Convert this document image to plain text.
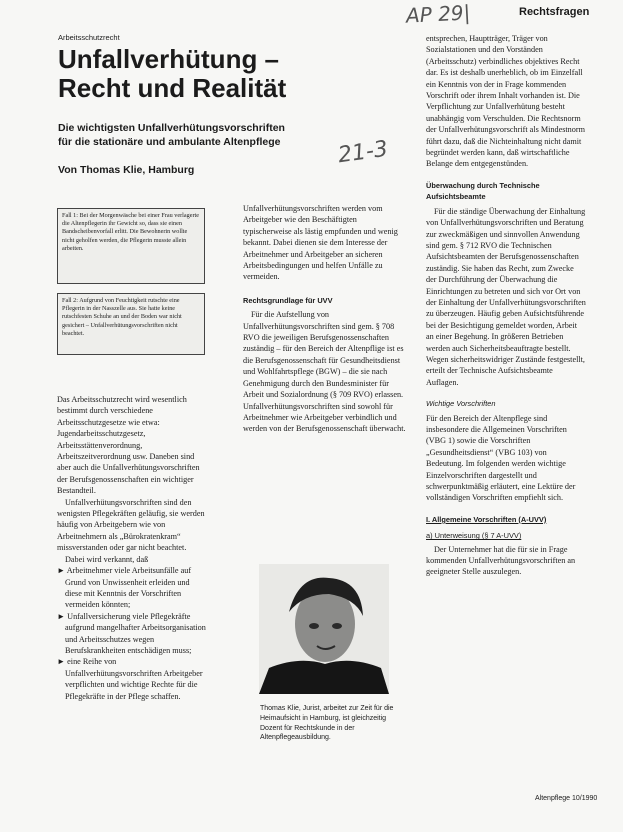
AP 29|
21-3
Rechtsfragen
Arbeitsschutzrecht
Unfallverhütung –
Recht und Realität
Die wichtigsten Unfallverhütungsvorschriften
für die stationäre und ambulante Altenpflege
Von Thomas Klie, Hamburg
Fall 1: Bei der Morgenwäsche bei einer Frau verlagerte die Altenpflegerin ihr Gewicht so, dass sie einen Bandscheibenvorfall erlitt. Die Bewohnerin wollte nicht geholfen werden, die Pflegerin musste allein arbeiten.
Fall 2: Aufgrund von Feuchtigkeit rutschte eine Pflegerin in der Nasszelle aus. Sie hatte keine rutschfesten Schuhe an und der Boden war nicht gesichert – Unfallverhütungsvorschriften nicht beachtet.

Das Arbeitsschutzrecht wird wesentlich bestimmt durch verschiedene Arbeitsschutzgesetze wie etwa: Jugendarbeitsschutzgesetz, Arbeitsstättenverordnung, Arbeitszeitverordnung usw. Daneben sind aber auch die Unfallverhütungsvorschriften der Berufsgenossenschaften ein wichtiger Bestandteil.

Unfallverhütungsvorschriften sind den wenigsten Pflegekräften geläufig, sie werden häufig von Arbeitgebern wie von Arbeitnehmern als „Bürokratenkram“ missverstanden oder gar nicht beachtet.

Dabei wird verkannt, daß

► Arbeitnehmer viele Arbeitsunfälle auf Grund von Unwissenheit erleiden und diese mit Kenntnis der Vorschriften vermeiden könnten;

► Unfallversicherung viele Pflegekräfte aufgrund mangelhafter Arbeitsorganisation und Arbeitsschutzes wegen Berufskrankheiten entschädigen muss;

► eine Reihe von Unfallverhütungsvorschriften Arbeitgeber verpflichten und wichtige Rechte für die Pflegekräfte in der Pflege schaffen.

Unfallverhütungsvorschriften werden vom Arbeitgeber wie den Beschäftigten typischerweise als lästig empfunden und wenig bekannt. Dabei dienen sie dem Interesse der Arbeitnehmer und Arbeitgeber an sicheren Arbeitsbedingungen und helfen Unfälle zu vermeiden.

Rechtsgrundlage für UVV

Für die Aufstellung von Unfallverhütungsvorschriften sind gem. § 708 RVO die jeweiligen Berufsgenossenschaften zuständig – für den Bereich der Altenpflige ist es die Berufsgenossenschaft für Gesundheitsdienst und Wohlfahrtspflege (BGW) – die sie nach Genehmigung durch den Bundesminister für Arbeit und Sozialordnung (§ 709 RVO) erlassen. Unfallverhütungsvorschriften sind sowohl für Arbeitnehmer wie Arbeitgeber verbindlich und werden von der Berufsgenossenschaft überwacht.

Thomas Klie, Jurist, arbeitet zur Zeit für die Heimaufsicht in Hamburg, ist gleichzeitig Dozent für Rechtskunde in der Altenpflegeausbildung.

entsprechen, Hauptträger, Träger von Sozialstationen und den Vorständen (Arbeitsschutz) verbindliches objektives Recht dar. Es ist deshalb unerheblich, ob im Einzelfall ein Kenntnis von der in Frage kommenden Vorschrift oder ihrem Inhalt vorhanden ist. Die Verpflichtung zur Unfallverhütung besteht unabhängig vom Verschulden. Die Rechtsnorm der Unfallverhütungsvorschrift als Mindestnorm führt dazu, daß die Nichteinhaltung nicht damit begründet werden kann, daß wirtschaftliche Belange dem entgegenstünden.

Überwachung durch Technische Aufsichtsbeamte

Für die ständige Überwachung der Einhaltung von Unfallverhütungsvorschriften und Beratung zur zweckmäßigen und sinnvollen Anwendung sind gem. § 712 RVO die Technischen Aufsichtsbeamten der Berufsgenossenschaften zuständig. Sie haben das Recht, zum Zwecke der Durchführung der Überwachung die Einrichtungen zu betreten und sich vor Ort von der Einhaltung der Unfallverhütungsvorschriften zu überzeugen. Häufig geben Aufsichtsführende bei der Besichtigung gemeldet worden, Arbeit an einer Begehung. In größeren Betrieben werden auch Sicherheitsbeauftragte bestellt. Wegen sicherheitswidriger Zustände festgestellt, erteilt der Technische Aufsichtsbeamte Auflagen.

Wichtige Vorschriften

Für den Bereich der Altenpflege sind insbesondere die Allgemeinen Vorschriften (VBG 1) sowie die Vorschriften „Gesundheitsdienst“ (VBG 103) von Bedeutung. Im folgenden werden wichtige Einzelvorschriften dargestellt und schwerpunktmäßig erläutert, eine Lektüre der vollständigen Vorschriften empfiehlt sich.

I. Allgemeine Vorschriften (A-UVV)

a) Unterweisung (§ 7 A-UVV)

Der Unternehmer hat die für sie in Frage kommenden Unfallverhütungsvorschriften an geeigneter Stelle auszulegen.

Altenpflege 10/1990
